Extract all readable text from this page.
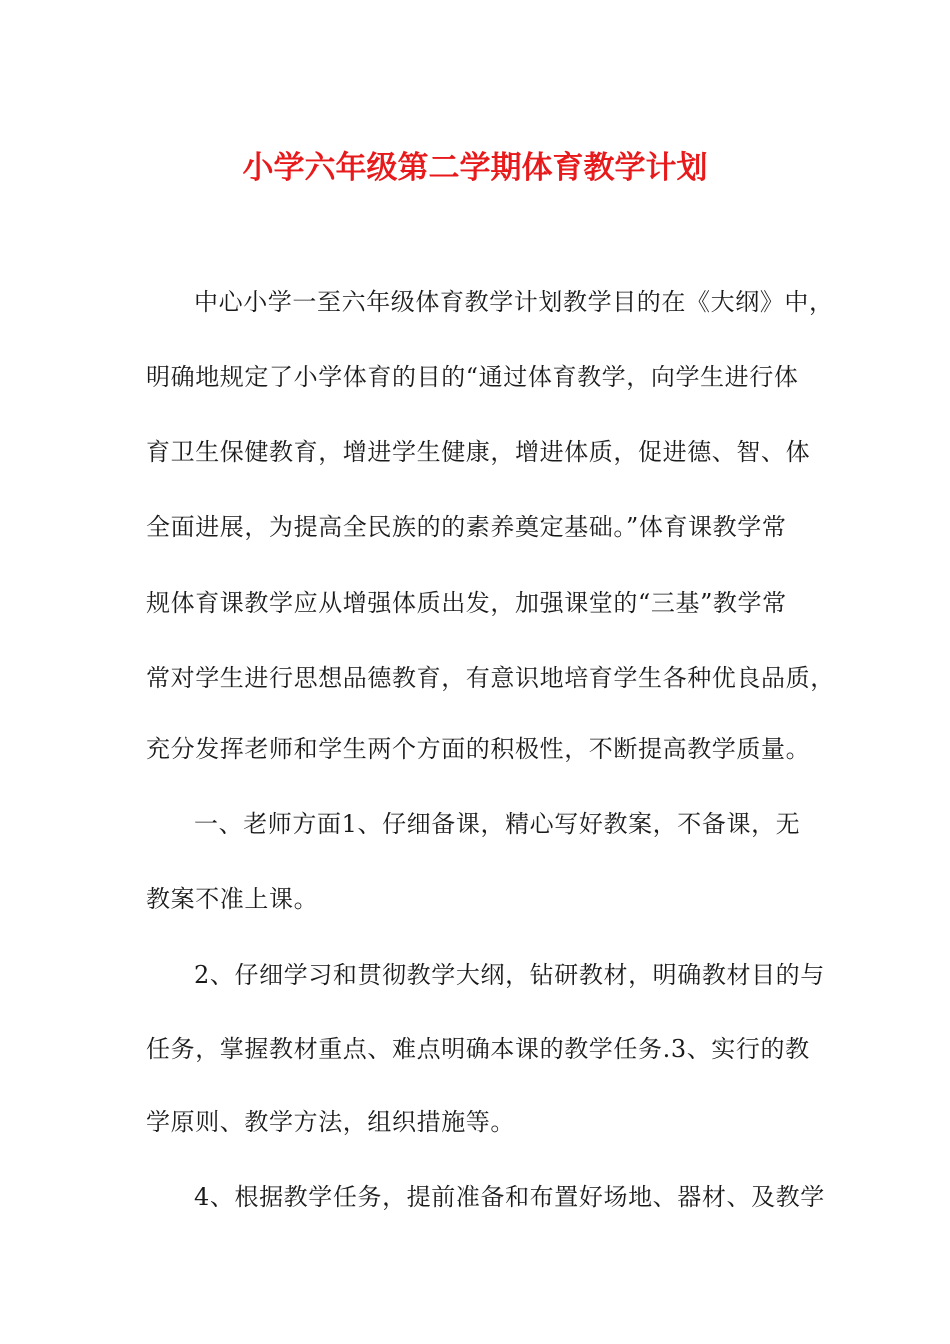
小学六年级第二学期体育教学计划

中心小学一至六年级体育教学计划教学目的在《大纲》中，

明确地规定了小学体育的目的“通过体育教学，向学生进行体

育卫生保健教育，增进学生健康，增进体质，促进德、智、体

全面进展，为提高全民族的的素养奠定基础。”体育课教学常

规体育课教学应从增强体质出发，加强课堂的“三基”教学常

常对学生进行思想品德教育，有意识地培育学生各种优良品质，

充分发挥老师和学生两个方面的积极性，不断提高教学质量。

一、老师方面1、仔细备课，精心写好教案，不备课，无

教案不准上课。

2、仔细学习和贯彻教学大纲，钻研教材，明确教材目的与

任务，掌握教材重点、难点明确本课的教学任务.3、实行的教

学原则、教学方法，组织措施等。

4、根据教学任务，提前准备和布置好场地、器材、及教学
